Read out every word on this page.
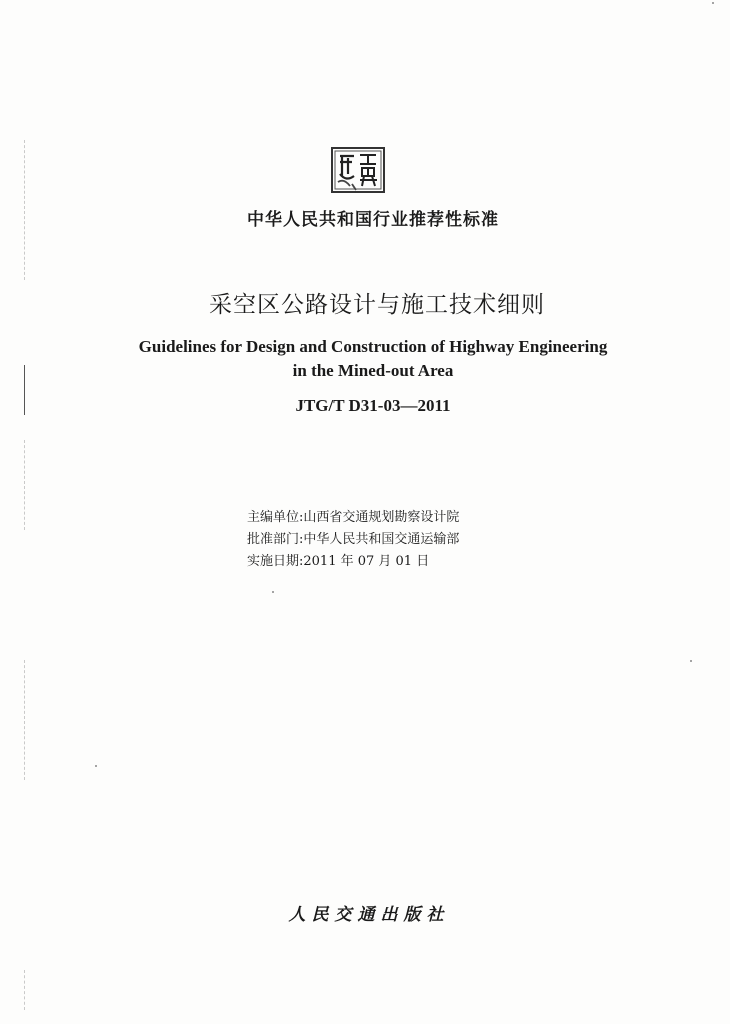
中华人民共和国行业推荐性标准
采空区公路设计与施工技术细则
Guidelines for Design and Construction of Highway Engineering
in the Mined-out Area
JTG/T D31-03—2011
主编单位:山西省交通规划勘察设计院
批准部门:中华人民共和国交通运输部
实施日期:2011 年 07 月 01 日
人民交通出版社
